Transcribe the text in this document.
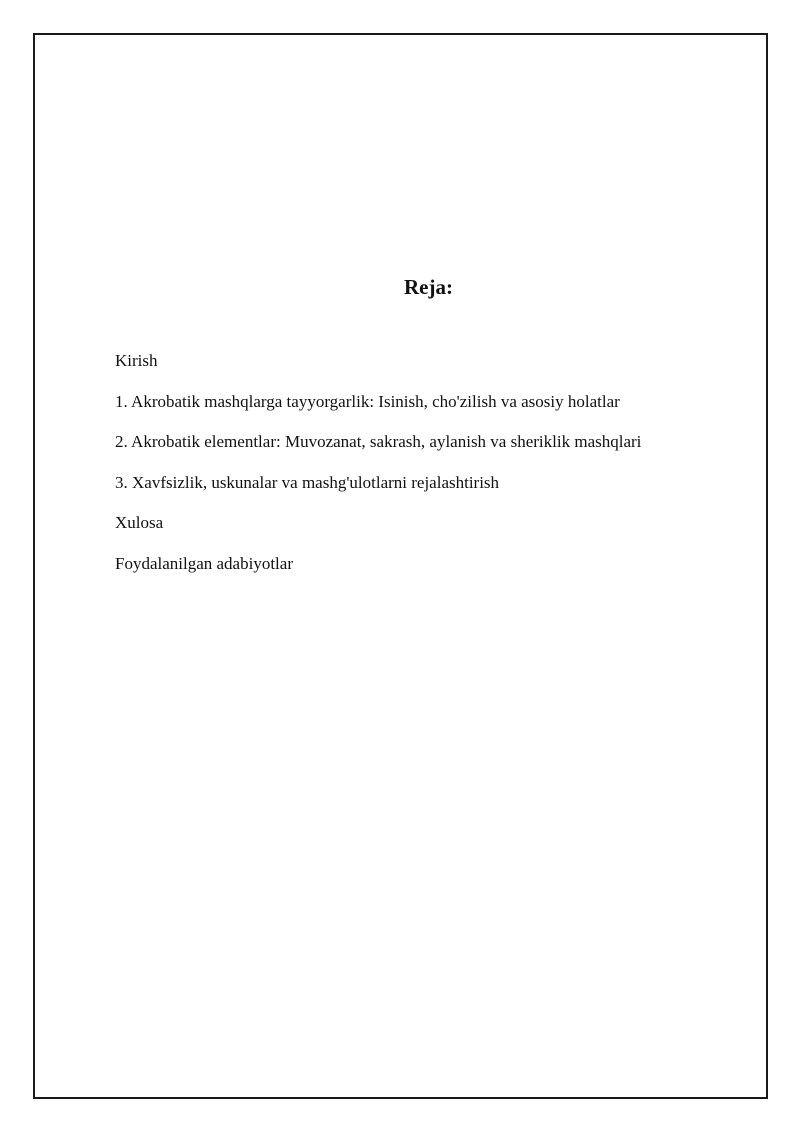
Reja:
Kirish
1. Akrobatik mashqlarga tayyorgarlik: Isinish, cho'zilish va asosiy holatlar
2. Akrobatik elementlar: Muvozanat, sakrash, aylanish va sheriklik mashqlari
3. Xavfsizlik, uskunalar va mashg'ulotlarni rejalashtirish
Xulosa
Foydalanilgan adabiyotlar
